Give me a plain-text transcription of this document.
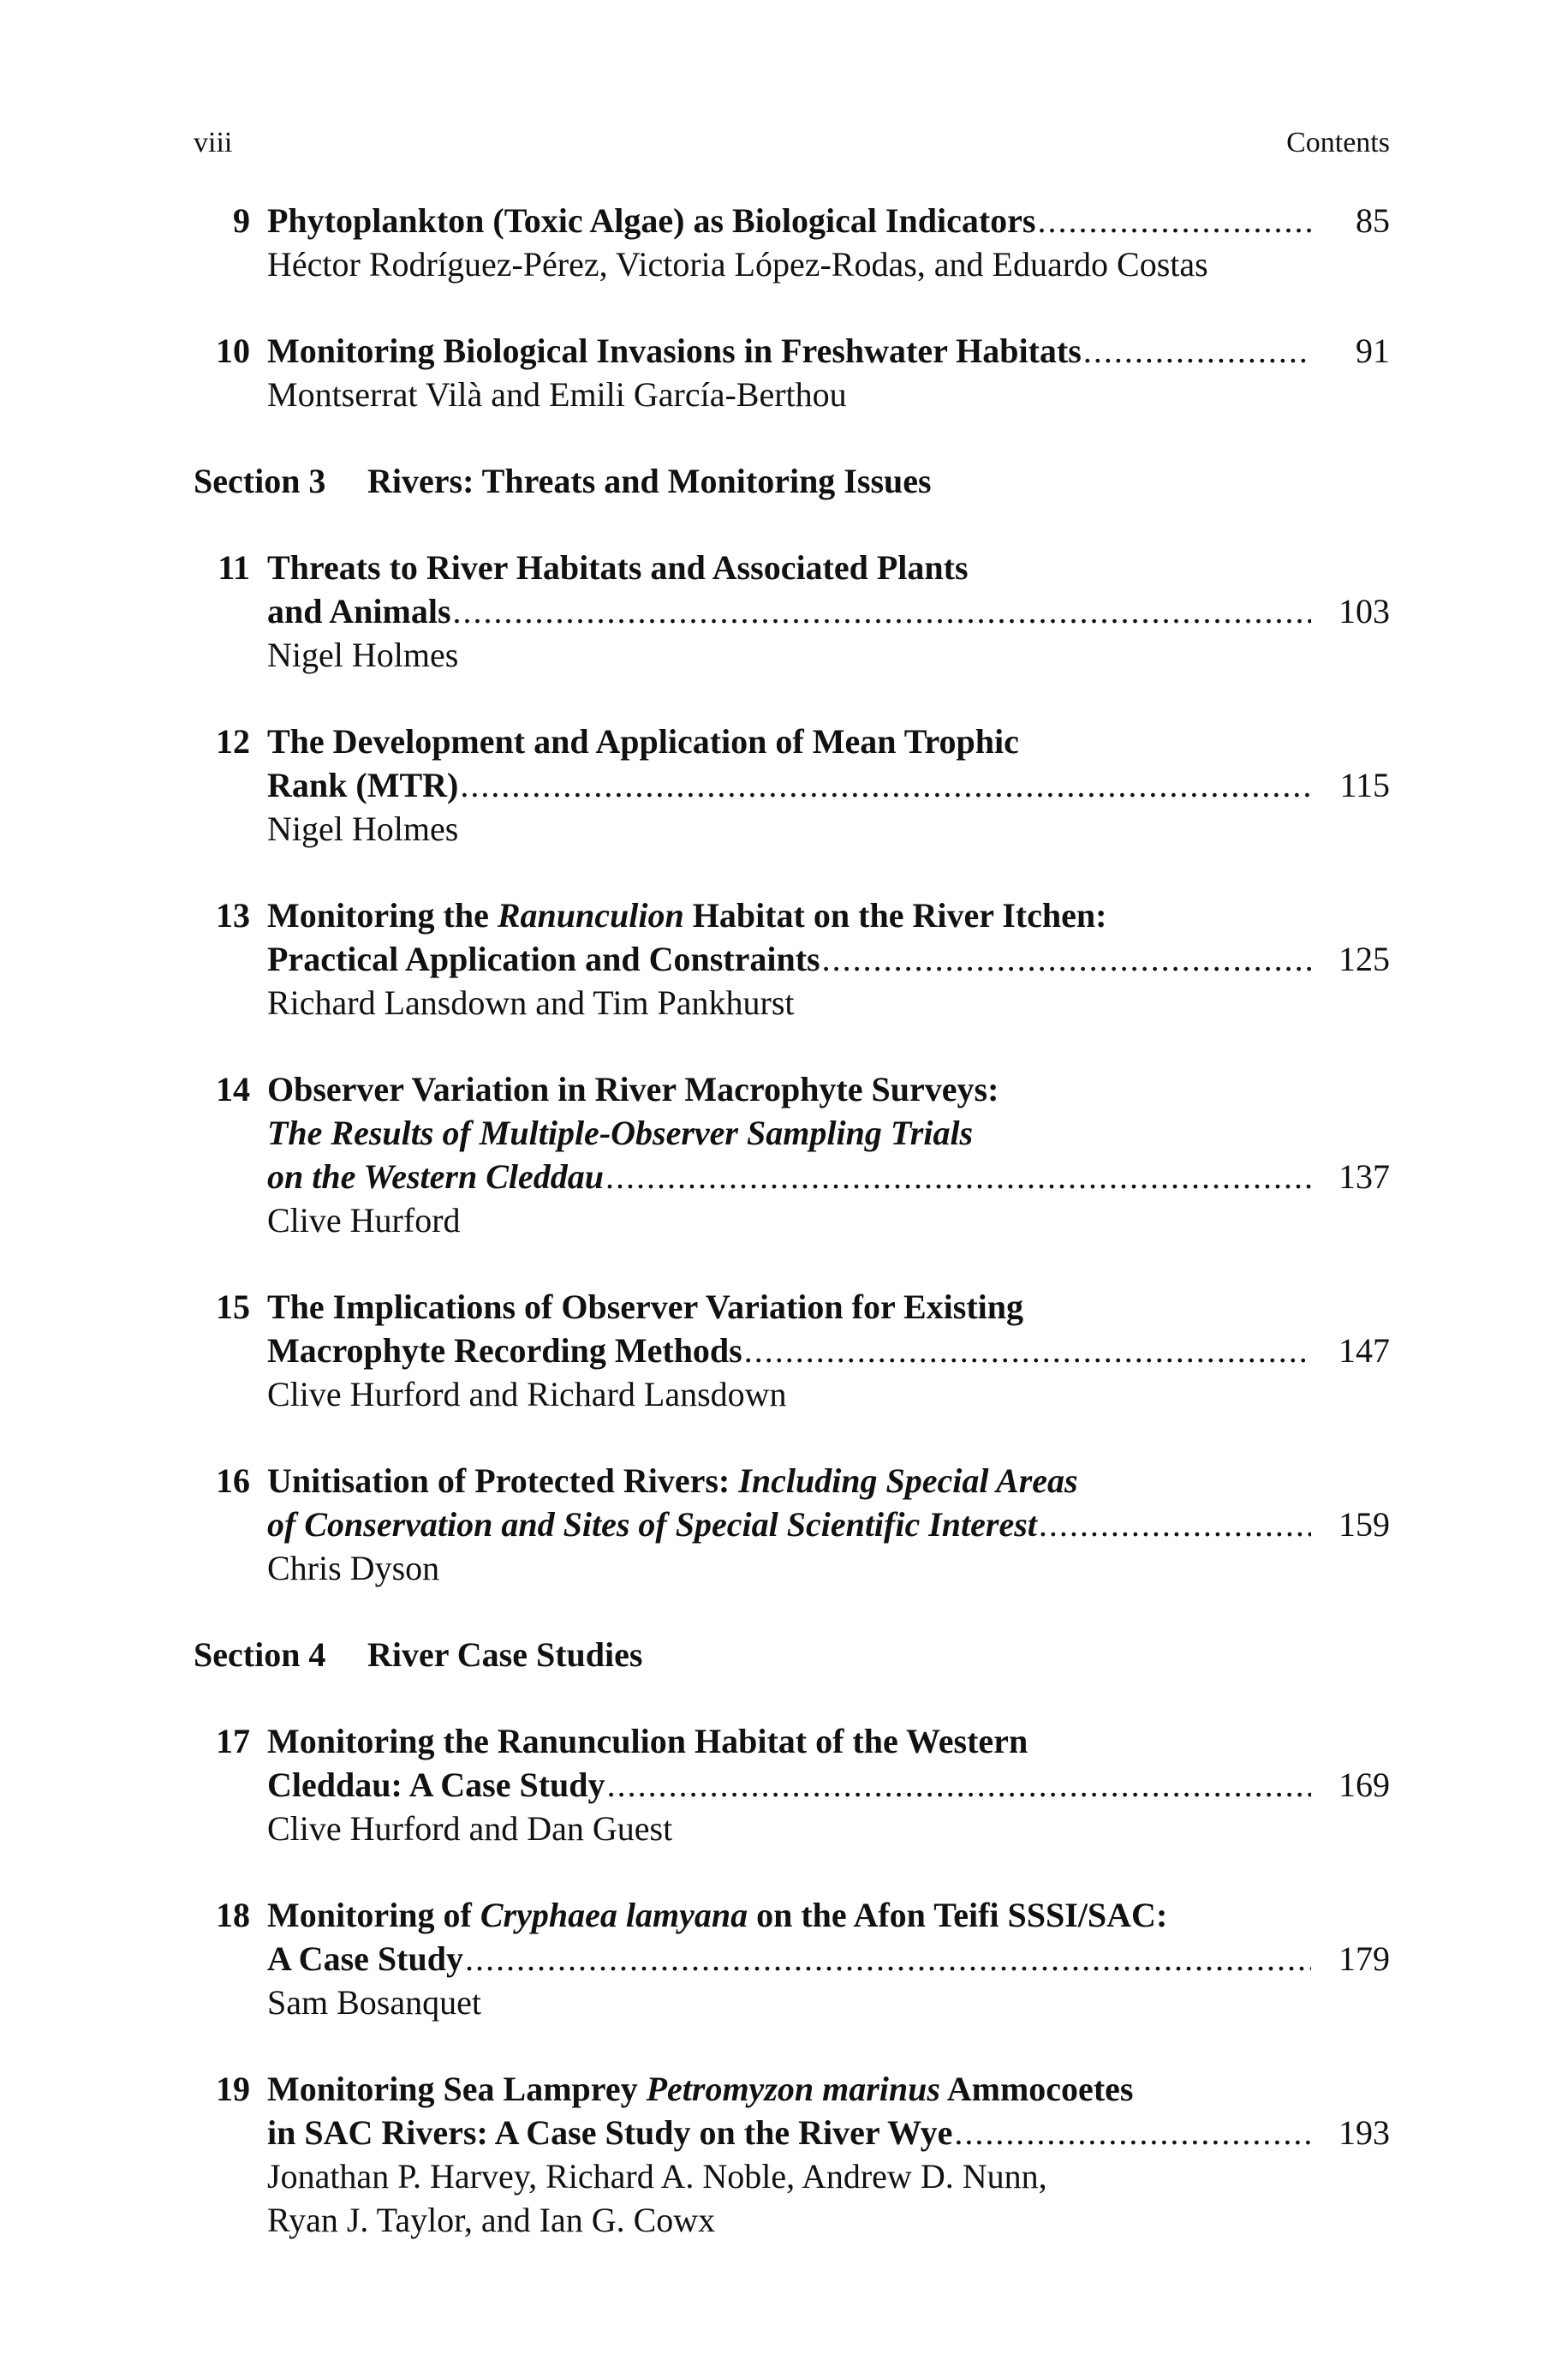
viii	Contents
9 Phytoplankton (Toxic Algae) as Biological Indicators .....	85
Héctor Rodríguez-Pérez, Victoria López-Rodas, and Eduardo Costas
10 Monitoring Biological Invasions in Freshwater Habitats .....	91
Montserrat Vilà and Emili García-Berthou
Section 3 Rivers: Threats and Monitoring Issues
11 Threats to River Habitats and Associated Plants
and Animals .....	103
Nigel Holmes
12 The Development and Application of Mean Trophic
Rank (MTR) .....	115
Nigel Holmes
13 Monitoring the Ranunculion Habitat on the River Itchen:
Practical Application and Constraints .....	125
Richard Lansdown and Tim Pankhurst
14 Observer Variation in River Macrophyte Surveys:
The Results of Multiple-Observer Sampling Trials
on the Western Cleddau .....	137
Clive Hurford
15 The Implications of Observer Variation for Existing
Macrophyte Recording Methods .....	147
Clive Hurford and Richard Lansdown
16 Unitisation of Protected Rivers: Including Special Areas
of Conservation and Sites of Special Scientific Interest .....	159
Chris Dyson
Section 4 River Case Studies
17 Monitoring the Ranunculion Habitat of the Western
Cleddau: A Case Study .....	169
Clive Hurford and Dan Guest
18 Monitoring of Cryphaea lamyana on the Afon Teifi SSSI/SAC:
A Case Study .....	179
Sam Bosanquet
19 Monitoring Sea Lamprey Petromyzon marinus Ammocoetes
in SAC Rivers: A Case Study on the River Wye .....	193
Jonathan P. Harvey, Richard A. Noble, Andrew D. Nunn,
Ryan J. Taylor, and Ian G. Cowx
